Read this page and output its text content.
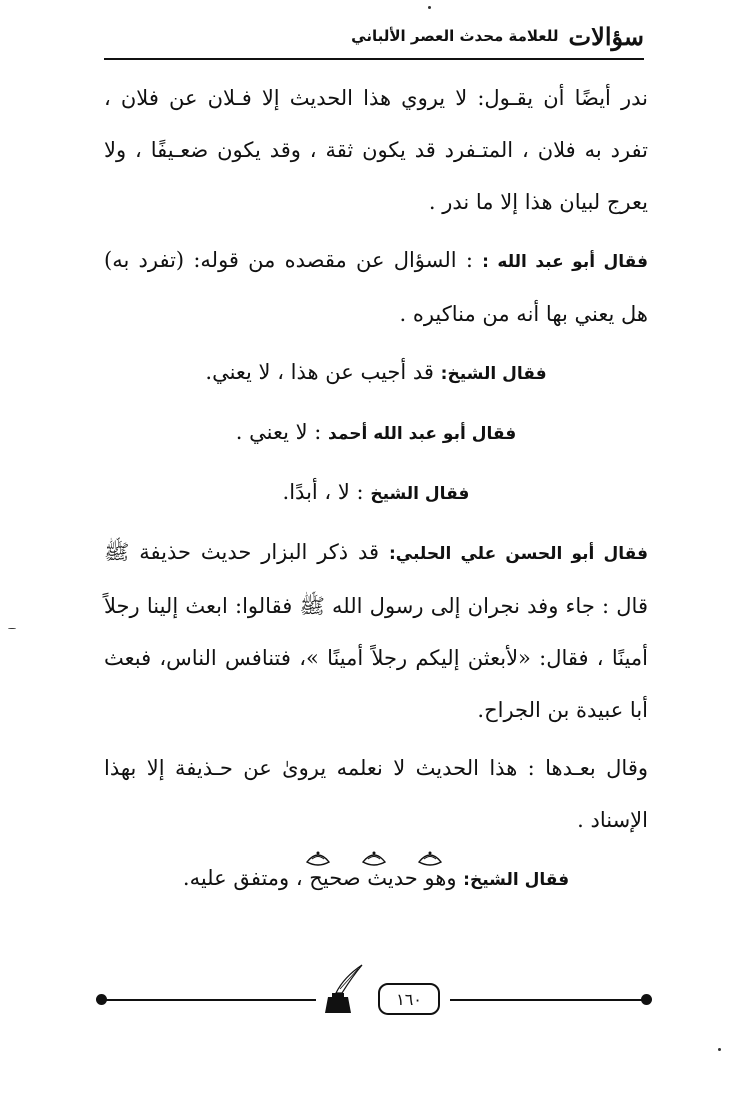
سؤالات
للعلامة محدث العصر الألباني

ندر أيضًا أن يقـول: لا يروي هذا الحديث إلا فـلان عن فلان ، تفرد به فلان ، المتـفرد قد يكون ثقة ، وقد يكون ضعـيفًا ، ولا يعرج لبيان هذا إلا ما ندر .

فقال أبو عبد الله : : السؤال عن مقصده من قوله: (تفرد به) هل يعني بها أنه من مناكيره .

فقال الشيخ: قد أجيب عن هذا ، لا يعني.

فقال أبو عبد الله أحمد : لا يعني .

فقال الشيخ : لا ، أبدًا.

فقال أبو الحسن علي الحلبي: قد ذكر البزار حديث حذيفة ﷺ قال : جاء وفد نجران إلى رسول الله ﷺ فقالوا: ابعث إلينا رجلاً أمينًا ، فقال: «لأبعثن إليكم رجلاً أمينًا »، فتنافس الناس، فبعث أبا عبيدة بن الجراح.

وقال بعـدها : هذا الحديث لا نعلمه يروىٰ عن حـذيفة إلا بهذا الإسناد .

فقال الشيخ: وهو حديث صحيح ، ومتفق عليه.

١٦٠
